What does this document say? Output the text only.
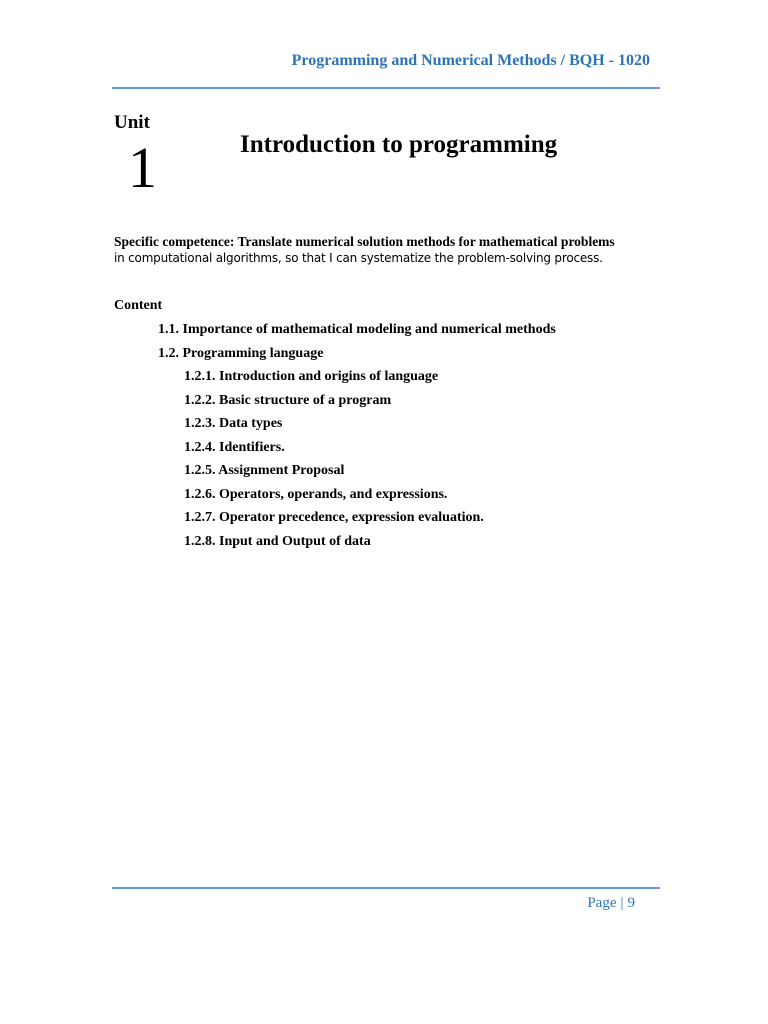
Programming and Numerical Methods / BQH - 1020
Unit
1	Introduction to programming
Specific competence: Translate numerical solution methods for mathematical problems
in computational algorithms, so that I can systematize the problem-solving process.
Content
1.1. Importance of mathematical modeling and numerical methods
1.2. Programming language
1.2.1. Introduction and origins of language
1.2.2. Basic structure of a program
1.2.3. Data types
1.2.4. Identifiers.
1.2.5. Assignment Proposal
1.2.6. Operators, operands, and expressions.
1.2.7. Operator precedence, expression evaluation.
1.2.8. Input and Output of data
Page | 9
